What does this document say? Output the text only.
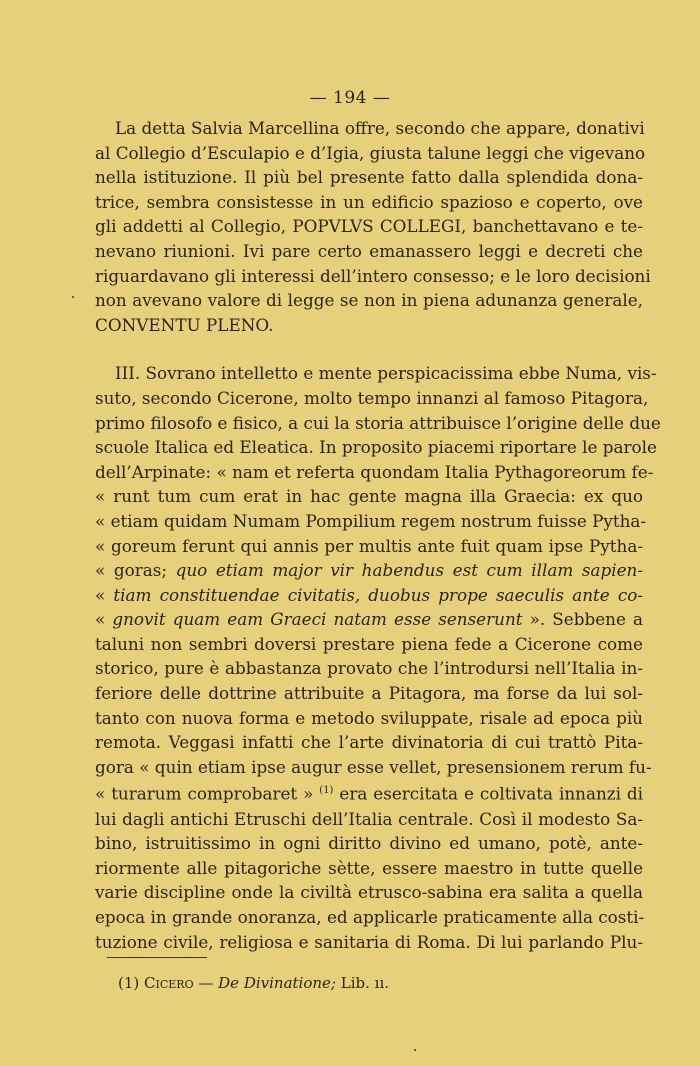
— 194 —

La detta Salvia Marcellina offre, secondo che appare, donativi
al Collegio d’Esculapio e d’Igia, giusta talune leggi che vigevano
nella istituzione. Il più bel presente fatto dalla splendida dona-
trice, sembra consistesse in un edificio spazioso e coperto, ove
gli addetti al Collegio, POPVLVS COLLEGI, banchettavano e te-
nevano riunioni. Ivi pare certo emanassero leggi e decreti che
riguardavano gli interessi dell’intero consesso; e le loro decisioni
non avevano valore di legge se non in piena adunanza generale,
CONVENTU PLENO.

III. Sovrano intelletto e mente perspicacissima ebbe Numa, vis-
suto, secondo Cicerone, molto tempo innanzi al famoso Pitagora,
primo filosofo e fisico, a cui la storia attribuisce l’origine delle due
scuole Italica ed Eleatica. In proposito piacemi riportare le parole
dell’Arpinate: « nam et referta quondam Italia Pythagoreorum fe-
« runt tum cum erat in hac gente magna illa Graecia: ex quo
« etiam quidam Numam Pompilium regem nostrum fuisse Pytha-
« goreum ferunt qui annis per multis ante fuit quam ipse Pytha-
« goras; quo etiam major vir habendus est cum illam sapien-
« tiam constituendae civitatis, duobus prope saeculis ante co-
« gnovit quam eam Graeci natam esse senserunt ». Sebbene a
taluni non sembri doversi prestare piena fede a Cicerone come
storico, pure è abbastanza provato che l’introdursi nell’Italia in-
feriore delle dottrine attribuite a Pitagora, ma forse da lui sol-
tanto con nuova forma e metodo sviluppate, risale ad epoca più
remota. Veggasi infatti che l’arte divinatoria di cui trattò Pita-
gora « quin etiam ipse augur esse vellet, presensionem rerum fu-
« turarum comprobaret » $^{(1)}$ era esercitata e coltivata innanzi di
lui dagli antichi Etruschi dell’Italia centrale. Così il modesto Sa-
bino, istruitissimo in ogni diritto divino ed umano, potè, ante-
riormente alle pitagoriche sètte, essere maestro in tutte quelle
varie discipline onde la civiltà etrusco-sabina era salita a quella
epoca in grande onoranza, ed applicarle praticamente alla costi-
tuzione civile, religiosa e sanitaria di Roma. Di lui parlando Plu-

(1) Cicero — De Divinatione; Lib. ıı.
